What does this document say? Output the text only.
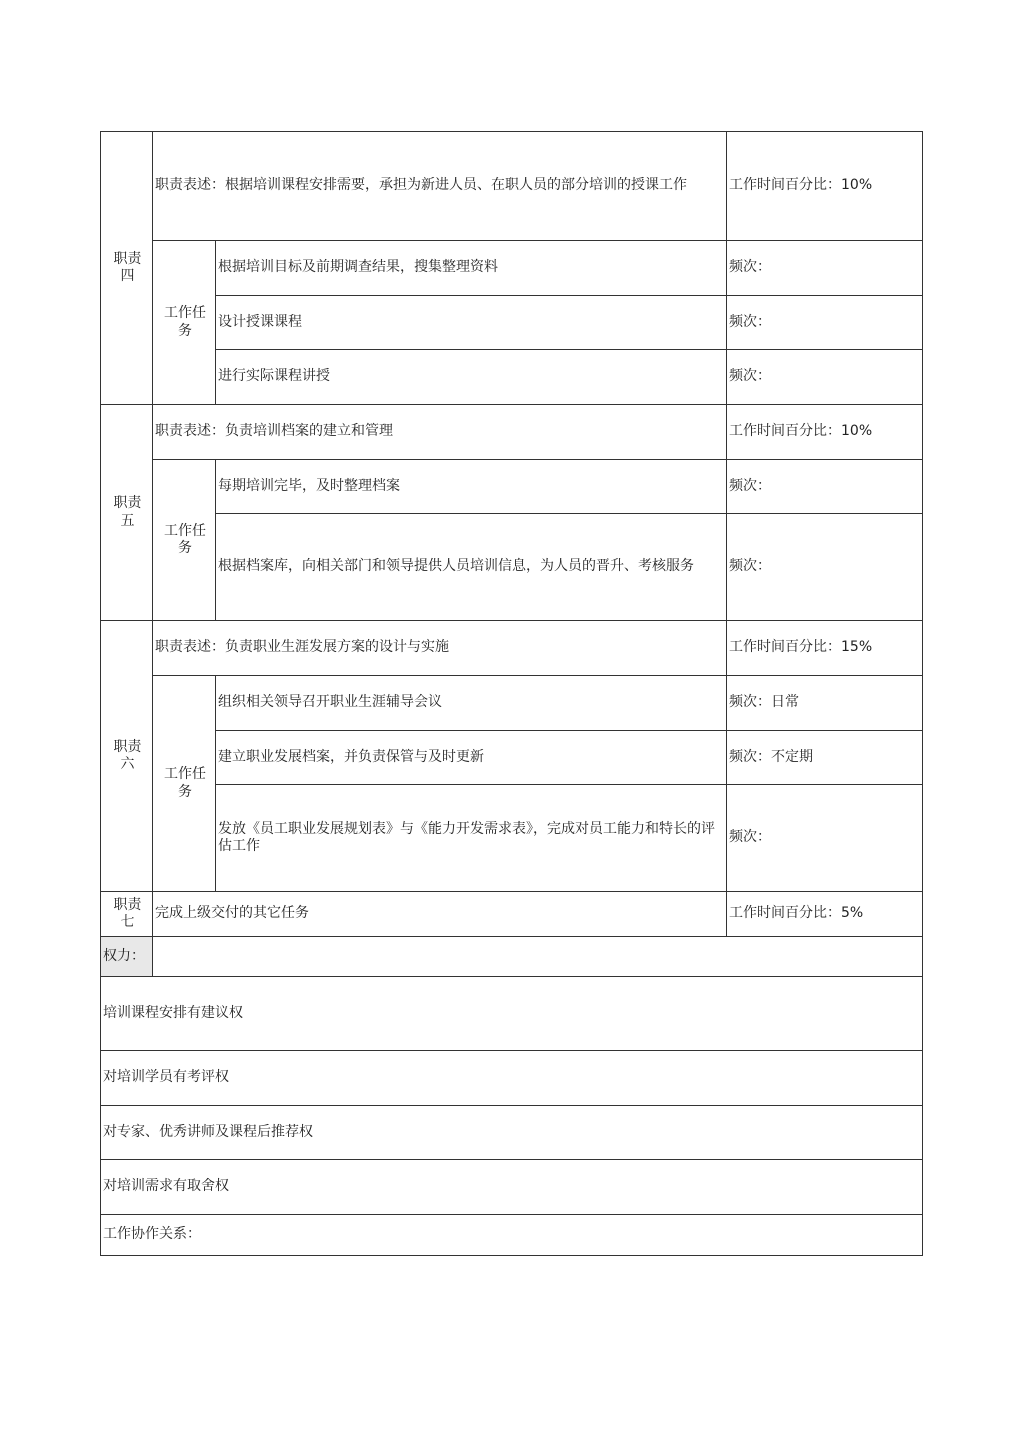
职责四	职责表述：根据培训课程安排需要，承担为新进人员、在职人员的部分培训的授课工作		工作时间百分比：10%
	工作任务	根据培训目标及前期调查结果，搜集整理资料	频次：
		设计授课课程	频次：
		进行实际课程讲授	频次：
职责五	职责表述：负责培训档案的建立和管理		工作时间百分比：10%
	工作任务	每期培训完毕，及时整理档案	频次：
		根据档案库，向相关部门和领导提供人员培训信息，为人员的晋升、考核服务	频次：
职责六	职责表述：负责职业生涯发展方案的设计与实施		工作时间百分比：15%
	工作任务	组织相关领导召开职业生涯辅导会议	频次：日常
		建立职业发展档案，并负责保管与及时更新	频次：不定期
		发放《员工职业发展规划表》与《能力开发需求表》，完成对员工能力和特长的评估工作	频次：
职责七	完成上级交付的其它任务		工作时间百分比：5%
权力：			
培训课程安排有建议权			
对培训学员有考评权			
对专家、优秀讲师及课程后推荐权			
对培训需求有取舍权			
工作协作关系：			
